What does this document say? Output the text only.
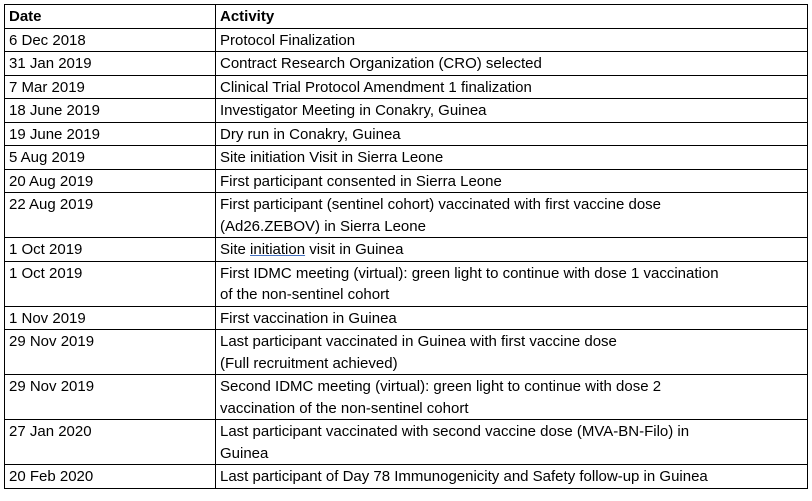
Date	Activity
6 Dec 2018	Protocol Finalization
31 Jan 2019	Contract Research Organization (CRO) selected
7 Mar 2019	Clinical Trial Protocol Amendment 1 finalization
18 June 2019	Investigator Meeting in Conakry, Guinea
19 June 2019	Dry run in Conakry, Guinea
5 Aug 2019	Site initiation Visit in Sierra Leone
20 Aug 2019	First participant consented in Sierra Leone
22 Aug 2019	First participant (sentinel cohort) vaccinated with first vaccine dose
(Ad26.ZEBOV) in Sierra Leone

1 Oct 2019	Site initiation visit in Guinea
1 Oct 2019	First IDMC meeting (virtual): green light to continue with dose 1 vaccination
of the non-sentinel cohort

1 Nov 2019	First vaccination in Guinea
29 Nov 2019	Last participant vaccinated in Guinea with first vaccine dose
(Full recruitment achieved)

29 Nov 2019	Second IDMC meeting (virtual): green light to continue with dose 2
vaccination of the non-sentinel cohort

27 Jan 2020	Last participant vaccinated with second vaccine dose (MVA-BN-Filo) in
Guinea

20 Feb 2020	Last participant of Day 78 Immunogenicity and Safety follow-up in Guinea
